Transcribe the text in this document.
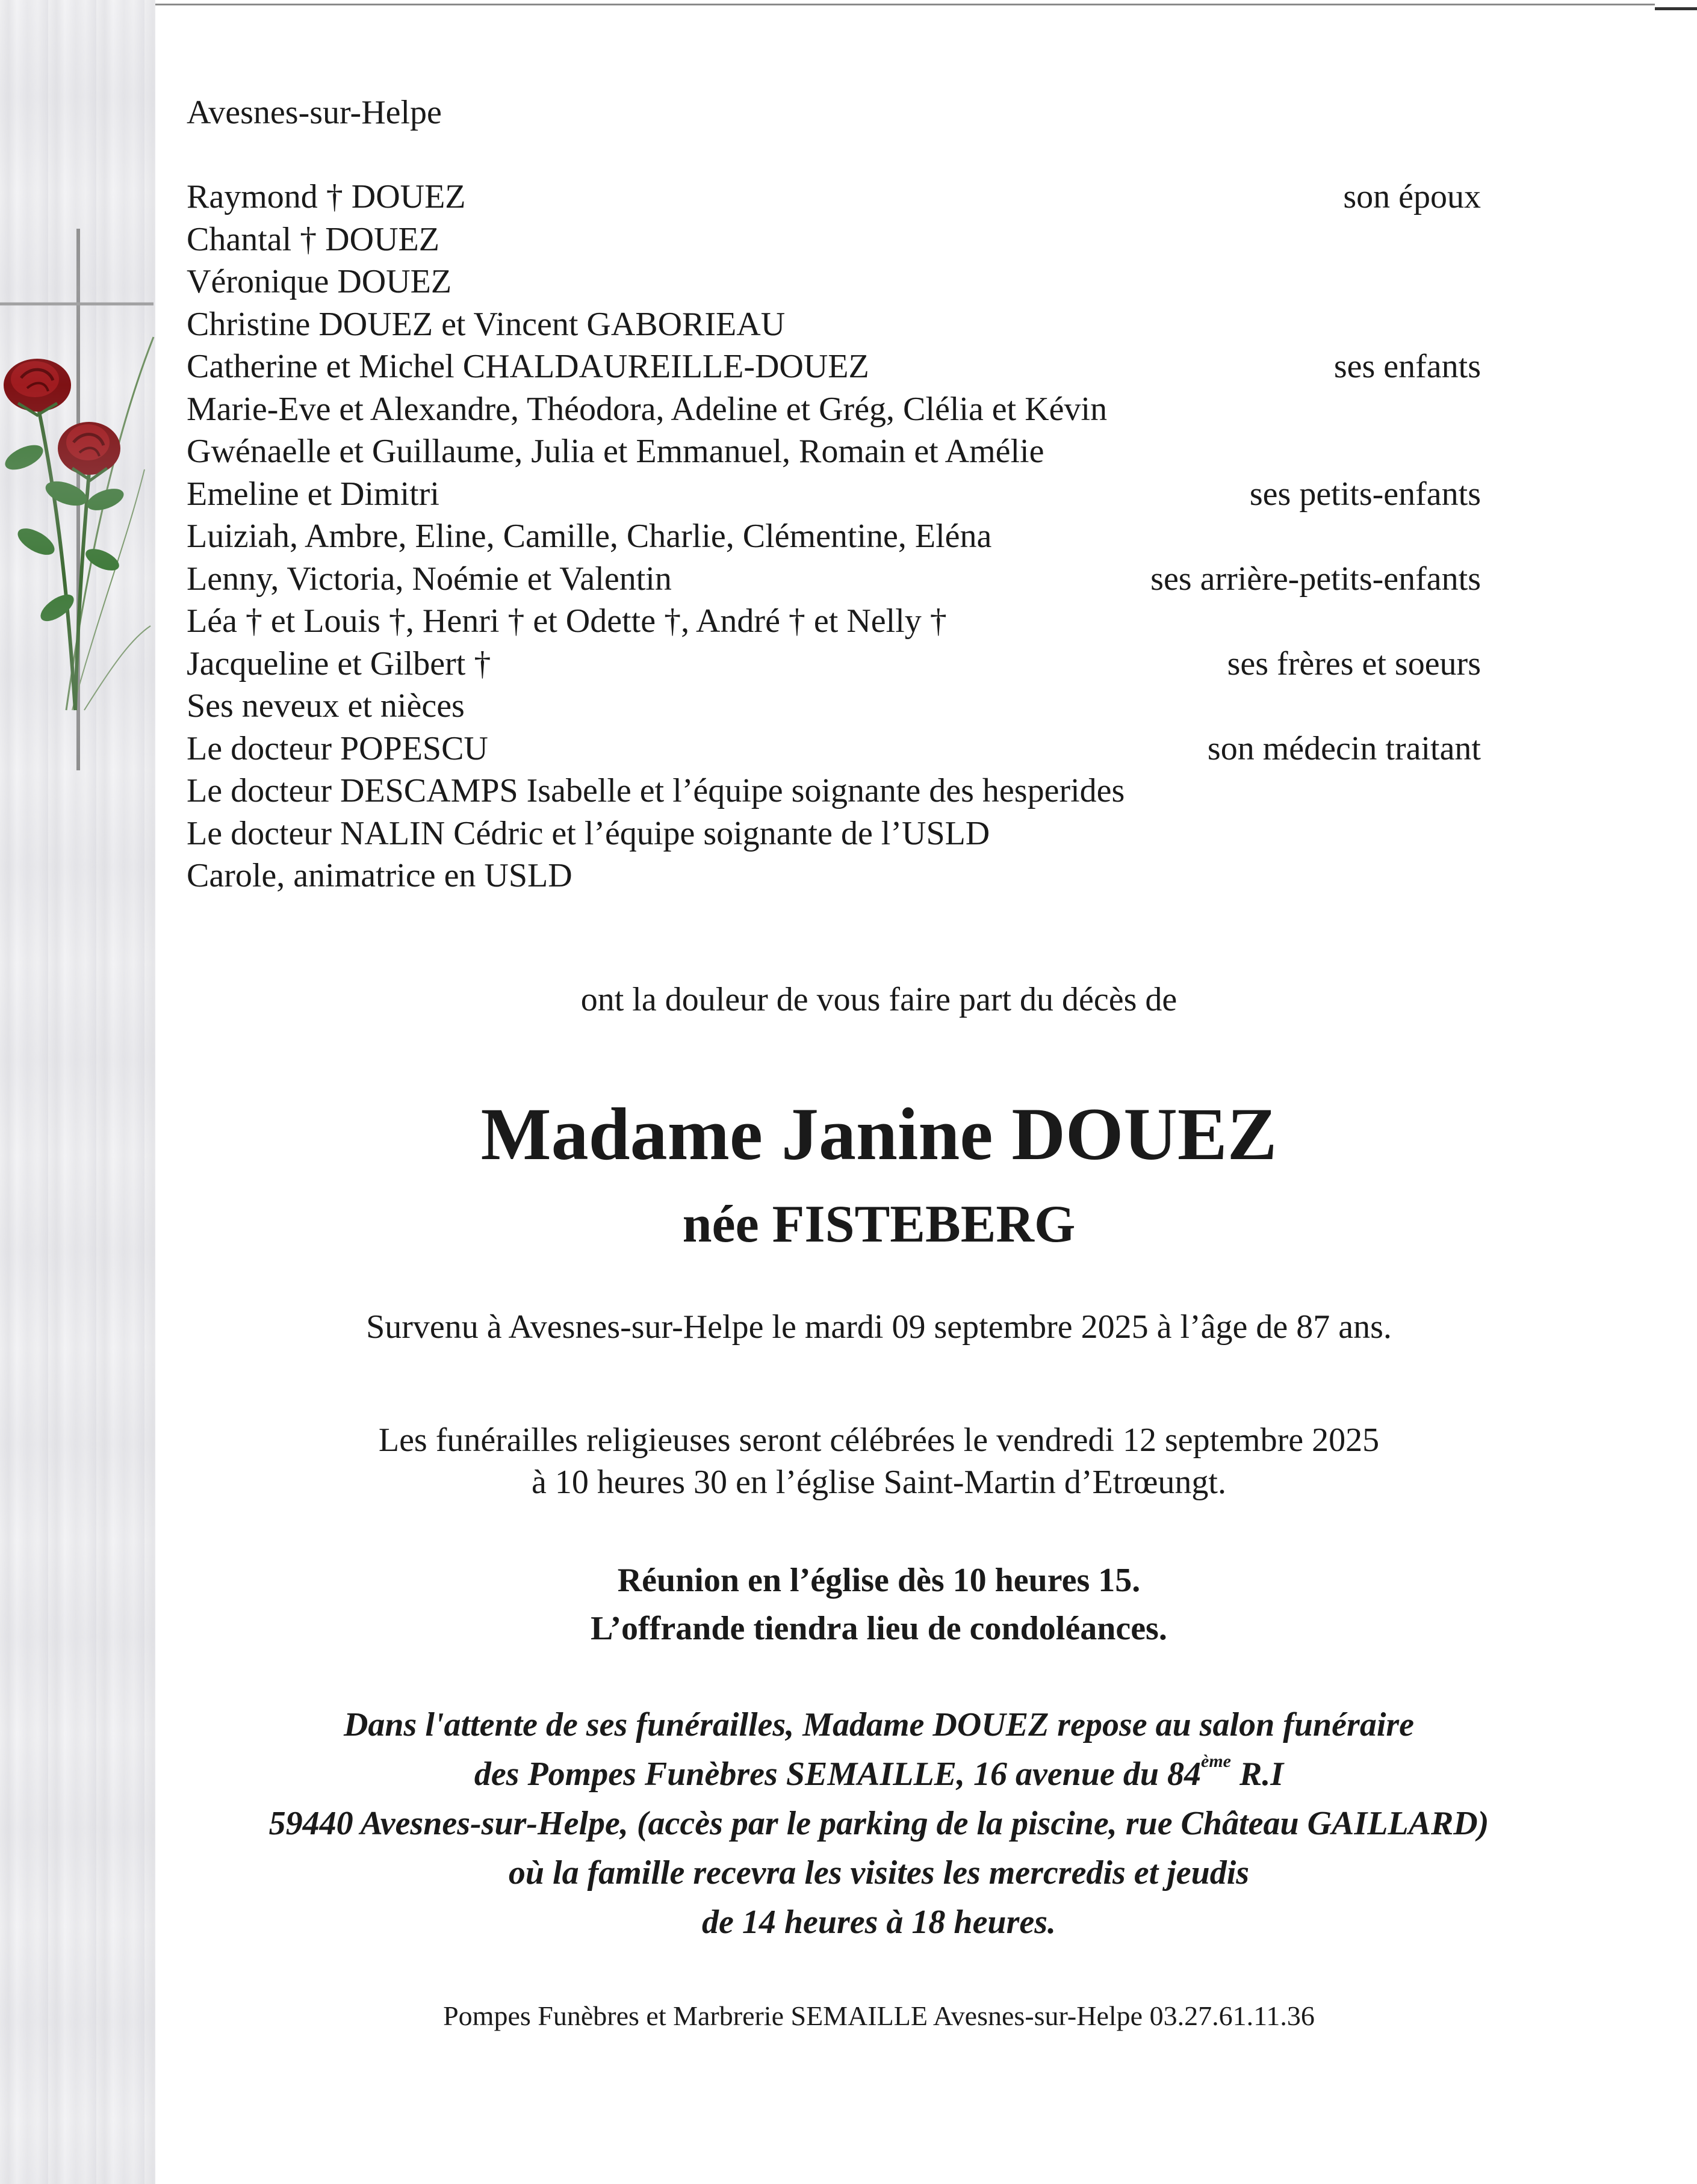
Avesnes-sur-Helpe
Raymond † DOUEZ	son époux
Chantal † DOUEZ
Véronique DOUEZ
Christine DOUEZ et Vincent GABORIEAU
Catherine et Michel CHALDAUREILLE-DOUEZ	ses enfants
Marie-Eve et Alexandre, Théodora, Adeline et Grég, Clélia et Kévin
Gwénaelle et Guillaume, Julia et Emmanuel, Romain et Amélie
Emeline et Dimitri	ses petits-enfants
Luiziah, Ambre, Eline, Camille, Charlie, Clémentine, Eléna
Lenny, Victoria, Noémie et Valentin	ses arrière-petits-enfants
Léa † et Louis †, Henri † et Odette †, André † et Nelly †
Jacqueline et Gilbert †	ses frères et soeurs
Ses neveux et nièces
Le docteur POPESCU	son médecin traitant
Le docteur DESCAMPS Isabelle et l’équipe soignante des hesperides
Le docteur NALIN Cédric et l’équipe soignante de l’USLD
Carole, animatrice en USLD
ont la douleur de vous faire part du décès de
Madame Janine DOUEZ
née FISTEBERG
Survenu à Avesnes-sur-Helpe le mardi 09 septembre 2025 à l’âge de 87 ans.
Les funérailles religieuses seront célébrées le vendredi 12 septembre 2025
à 10 heures 30 en l’église Saint-Martin d’Etrœungt.
Réunion en l’église dès 10 heures 15.
L’offrande tiendra lieu de condoléances.
Dans l'attente de ses funérailles, Madame DOUEZ repose au salon funéraire
des Pompes Funèbres SEMAILLE, 16 avenue du 84ème R.I
59440 Avesnes-sur-Helpe, (accès par le parking de la piscine, rue Château GAILLARD)
où la famille recevra les visites les mercredis et jeudis
de 14 heures à 18 heures.
Pompes Funèbres et Marbrerie SEMAILLE Avesnes-sur-Helpe 03.27.61.11.36
